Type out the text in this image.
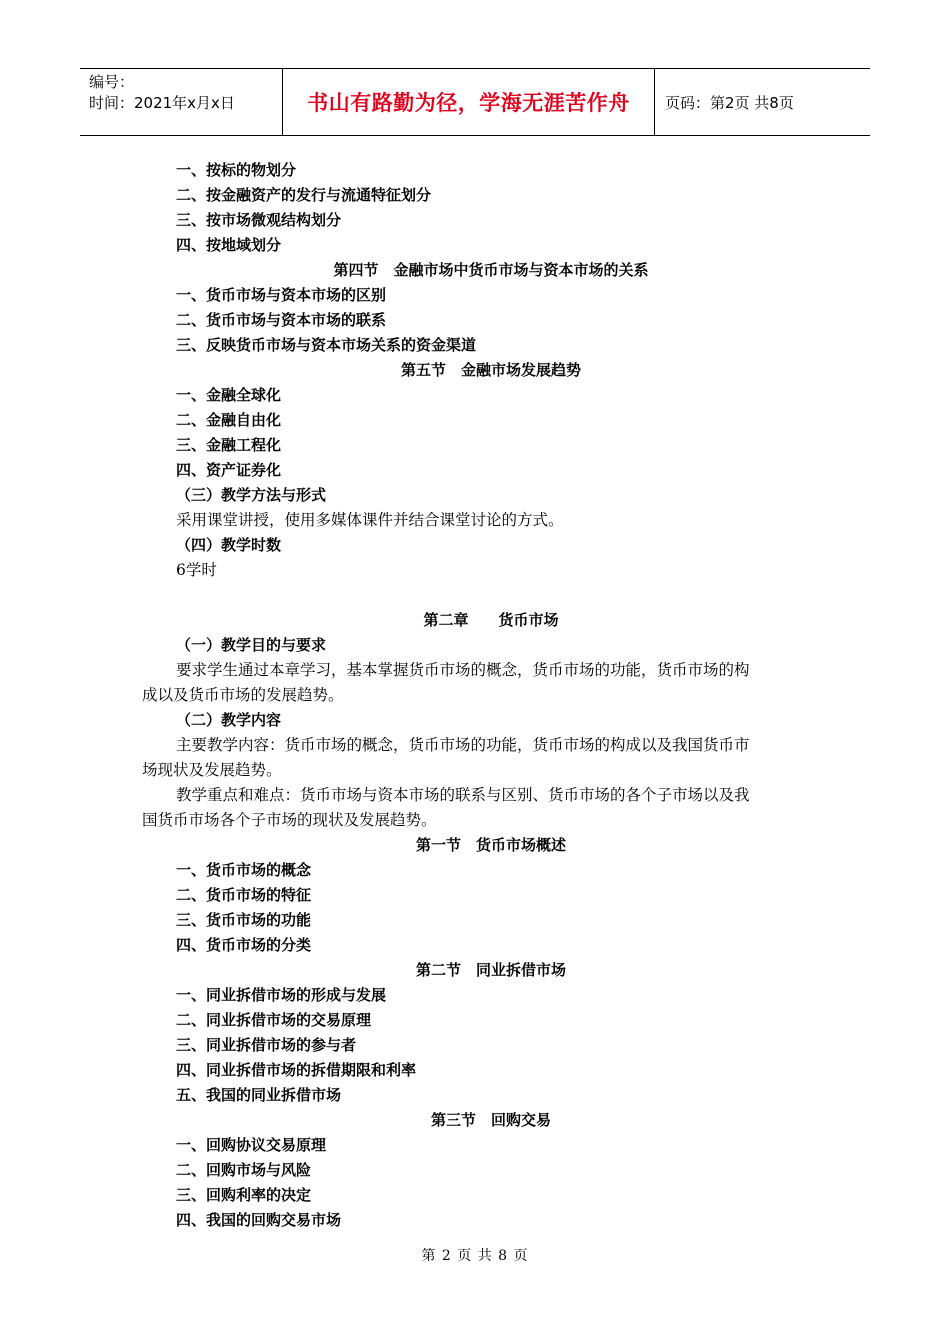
编号：
时间：2021年x月x日	书山有路勤为径，学海无涯苦作舟	页码：第2页 共8页
一、按标的物划分
二、按金融资产的发行与流通特征划分
三、按市场微观结构划分
四、按地域划分
第四节　金融市场中货币市场与资本市场的关系
一、货币市场与资本市场的区别
二、货币市场与资本市场的联系
三、反映货币市场与资本市场关系的资金渠道
第五节　金融市场发展趋势
一、金融全球化
二、金融自由化
三、金融工程化
四、资产证券化
（三）教学方法与形式
采用课堂讲授，使用多媒体课件并结合课堂讨论的方式。
（四）教学时数
6学时
第二章　　货币市场
（一）教学目的与要求
要求学生通过本章学习，基本掌握货币市场的概念，货币市场的功能，货币市场的构
成以及货币市场的发展趋势。
（二）教学内容
主要教学内容：货币市场的概念，货币市场的功能，货币市场的构成以及我国货币市
场现状及发展趋势。
教学重点和难点：货币市场与资本市场的联系与区别、货币市场的各个子市场以及我
国货币市场各个子市场的现状及发展趋势。
第一节　货币市场概述
一、货币市场的概念
二、货币市场的特征
三、货币市场的功能
四、货币市场的分类
第二节　同业拆借市场
一、同业拆借市场的形成与发展
二、同业拆借市场的交易原理
三、同业拆借市场的参与者
四、同业拆借市场的拆借期限和利率
五、我国的同业拆借市场
第三节　回购交易
一、回购协议交易原理
二、回购市场与风险
三、回购利率的决定
四、我国的回购交易市场
第 2 页 共 8 页
